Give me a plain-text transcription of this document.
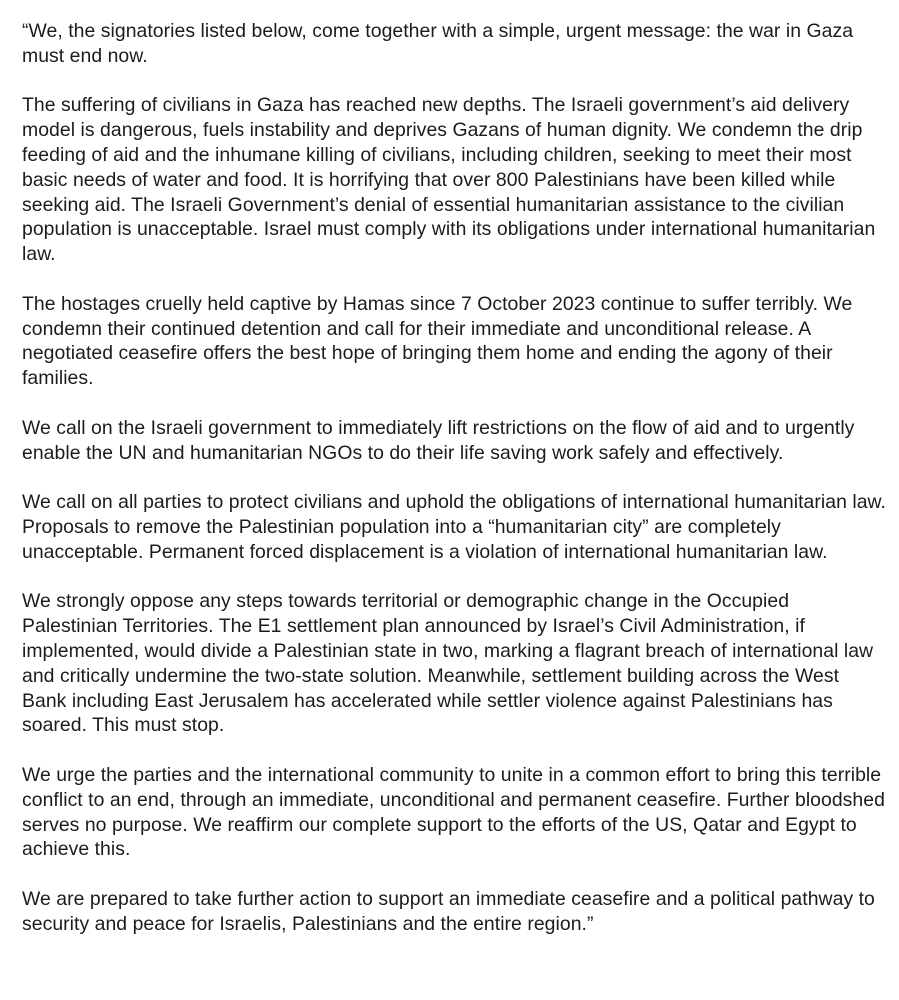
“We, the signatories listed below, come together with a simple, urgent message: the war in Gaza must end now.

The suffering of civilians in Gaza has reached new depths. The Israeli government’s aid delivery model is dangerous, fuels instability and deprives Gazans of human dignity. We condemn the drip feeding of aid and the inhumane killing of civilians, including children, seeking to meet their most basic needs of water and food. It is horrifying that over 800 Palestinians have been killed while seeking aid. The Israeli Government’s denial of essential humanitarian assistance to the civilian population is unacceptable. Israel must comply with its obligations under international humanitarian law.

The hostages cruelly held captive by Hamas since 7 October 2023 continue to suffer terribly. We condemn their continued detention and call for their immediate and unconditional release. A negotiated ceasefire offers the best hope of bringing them home and ending the agony of their families.

We call on the Israeli government to immediately lift restrictions on the flow of aid and to urgently enable the UN and humanitarian NGOs to do their life saving work safely and effectively.

We call on all parties to protect civilians and uphold the obligations of international humanitarian law. Proposals to remove the Palestinian population into a “humanitarian city” are completely unacceptable. Permanent forced displacement is a violation of international humanitarian law.

We strongly oppose any steps towards territorial or demographic change in the Occupied Palestinian Territories. The E1 settlement plan announced by Israel’s Civil Administration, if implemented, would divide a Palestinian state in two, marking a flagrant breach of international law and critically undermine the two-state solution. Meanwhile, settlement building across the West Bank including East Jerusalem has accelerated while settler violence against Palestinians has soared. This must stop.

We urge the parties and the international community to unite in a common effort to bring this terrible conflict to an end, through an immediate, unconditional and permanent ceasefire. Further bloodshed serves no purpose. We reaffirm our complete support to the efforts of the US, Qatar and Egypt to achieve this.

We are prepared to take further action to support an immediate ceasefire and a political pathway to security and peace for Israelis, Palestinians and the entire region.”
